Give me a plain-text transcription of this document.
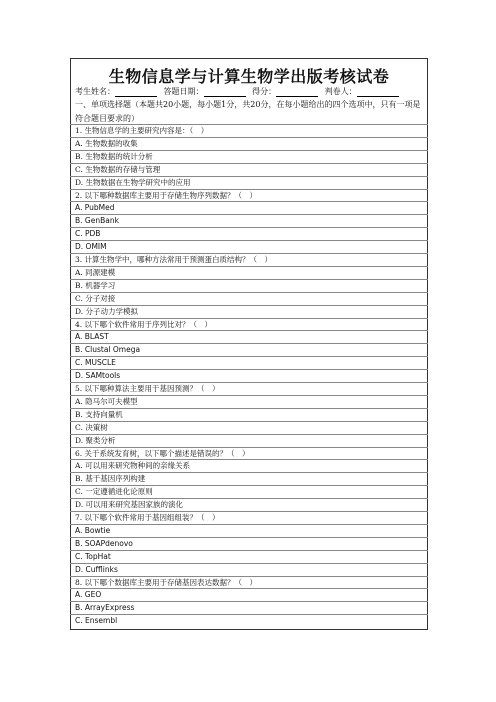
生物信息学与计算生物学出版考核试卷
考生姓名：	答题日期：	得分：	判卷人：
一、单项选择题（本题共20小题，每小题1分，共20分，在每小题给出的四个选项中，只有一项是符合题目要求的）
1. 生物信息学的主要研究内容是：（　）
A. 生物数据的收集
B. 生物数据的统计分析
C. 生物数据的存储与管理
D. 生物数据在生物学研究中的应用
2. 以下哪种数据库主要用于存储生物序列数据？（　）
A. PubMed
B. GenBank
C. PDB
D. OMIM
3. 计算生物学中，哪种方法常用于预测蛋白质结构？（　）
A. 同源建模
B. 机器学习
C. 分子对接
D. 分子动力学模拟
4. 以下哪个软件常用于序列比对？（　）
A. BLAST
B. Clustal Omega
C. MUSCLE
D. SAMtools
5. 以下哪种算法主要用于基因预测？（　）
A. 隐马尔可夫模型
B. 支持向量机
C. 决策树
D. 聚类分析
6. 关于系统发育树，以下哪个描述是错误的？（　）
A. 可以用来研究物种间的亲缘关系
B. 基于基因序列构建
C. 一定遵循进化论原则
D. 可以用来研究基因家族的演化
7. 以下哪个软件常用于基因组组装？（　）
A. Bowtie
B. SOAPdenovo
C. TopHat
D. Cufflinks
8. 以下哪个数据库主要用于存储基因表达数据？（　）
A. GEO
B. ArrayExpress
C. Ensembl
